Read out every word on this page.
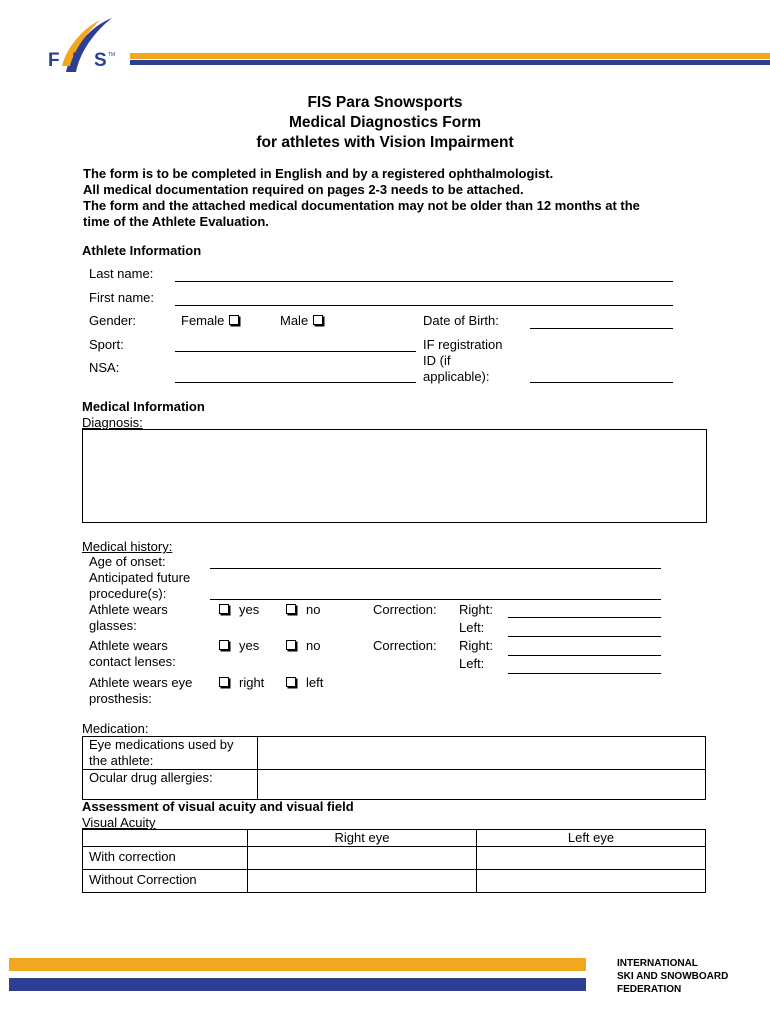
F I S TM
FIS Para Snowsports
Medical Diagnostics Form
for athletes with Vision Impairment
The form is to be completed in English and by a registered ophthalmologist.
All medical documentation required on pages 2-3 needs to be attached.
The form and the attached medical documentation may not be older than 12 months at the
time of the Athlete Evaluation.
Athlete Information
Last name:
First name:
Gender:	Female	Male	Date of Birth:
Sport:	IF registration
ID (if
applicable):
NSA:
Medical Information
Diagnosis:
Medical history:
Age of onset:
Anticipated future
procedure(s):
Athlete wears
glasses:
yes	no	Correction: Right:
Left:
Athlete wears
contact lenses:
yes	no	Correction: Right:
Left:
Athlete wears eye
prosthesis:
right	left
Medication:
Eye medications used by
the athlete:	

Ocular drug allergies:	

Assessment of visual acuity and visual field
Visual Acuity
	Right eye	Left eye
With correction		
Without Correction		
INTERNATIONAL
SKI AND SNOWBOARD
FEDERATION
